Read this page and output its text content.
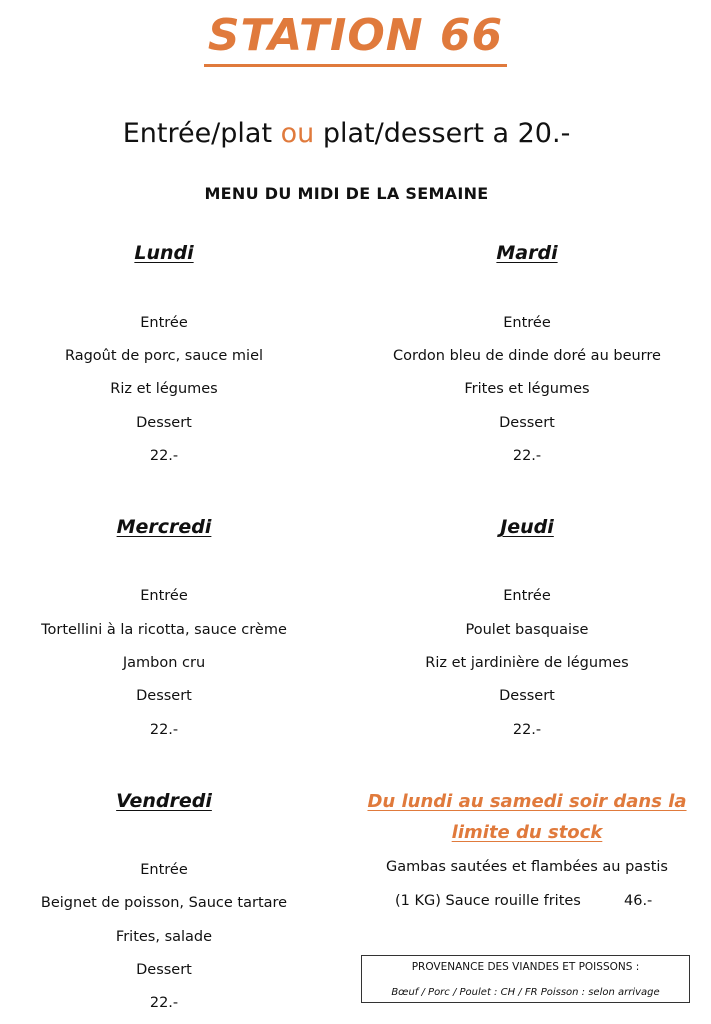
STATION 66
Entrée/plat ou plat/dessert a 20.-
MENU DU MIDI DE LA SEMAINE
Lundi
Entrée
Ragoût de porc, sauce miel
Riz et légumes
Dessert
22.-
Mardi
Entrée
Cordon bleu de dinde doré au beurre
Frites et légumes
Dessert
22.-
Mercredi
Entrée
Tortellini à la ricotta, sauce crème
Jambon cru
Dessert
22.-
Jeudi
Entrée
Poulet basquaise
Riz et jardinière de légumes
Dessert
22.-
Vendredi
Entrée
Beignet de poisson, Sauce tartare
Frites, salade
Dessert
22.-
Du lundi au samedi soir dans la
limite du stock
Gambas sautées et flambées au pastis
(1 KG) Sauce rouille frites	46.-
PROVENANCE DES VIANDES ET POISSONS :
Bœuf / Porc / Poulet : CH / FR Poisson : selon arrivage
